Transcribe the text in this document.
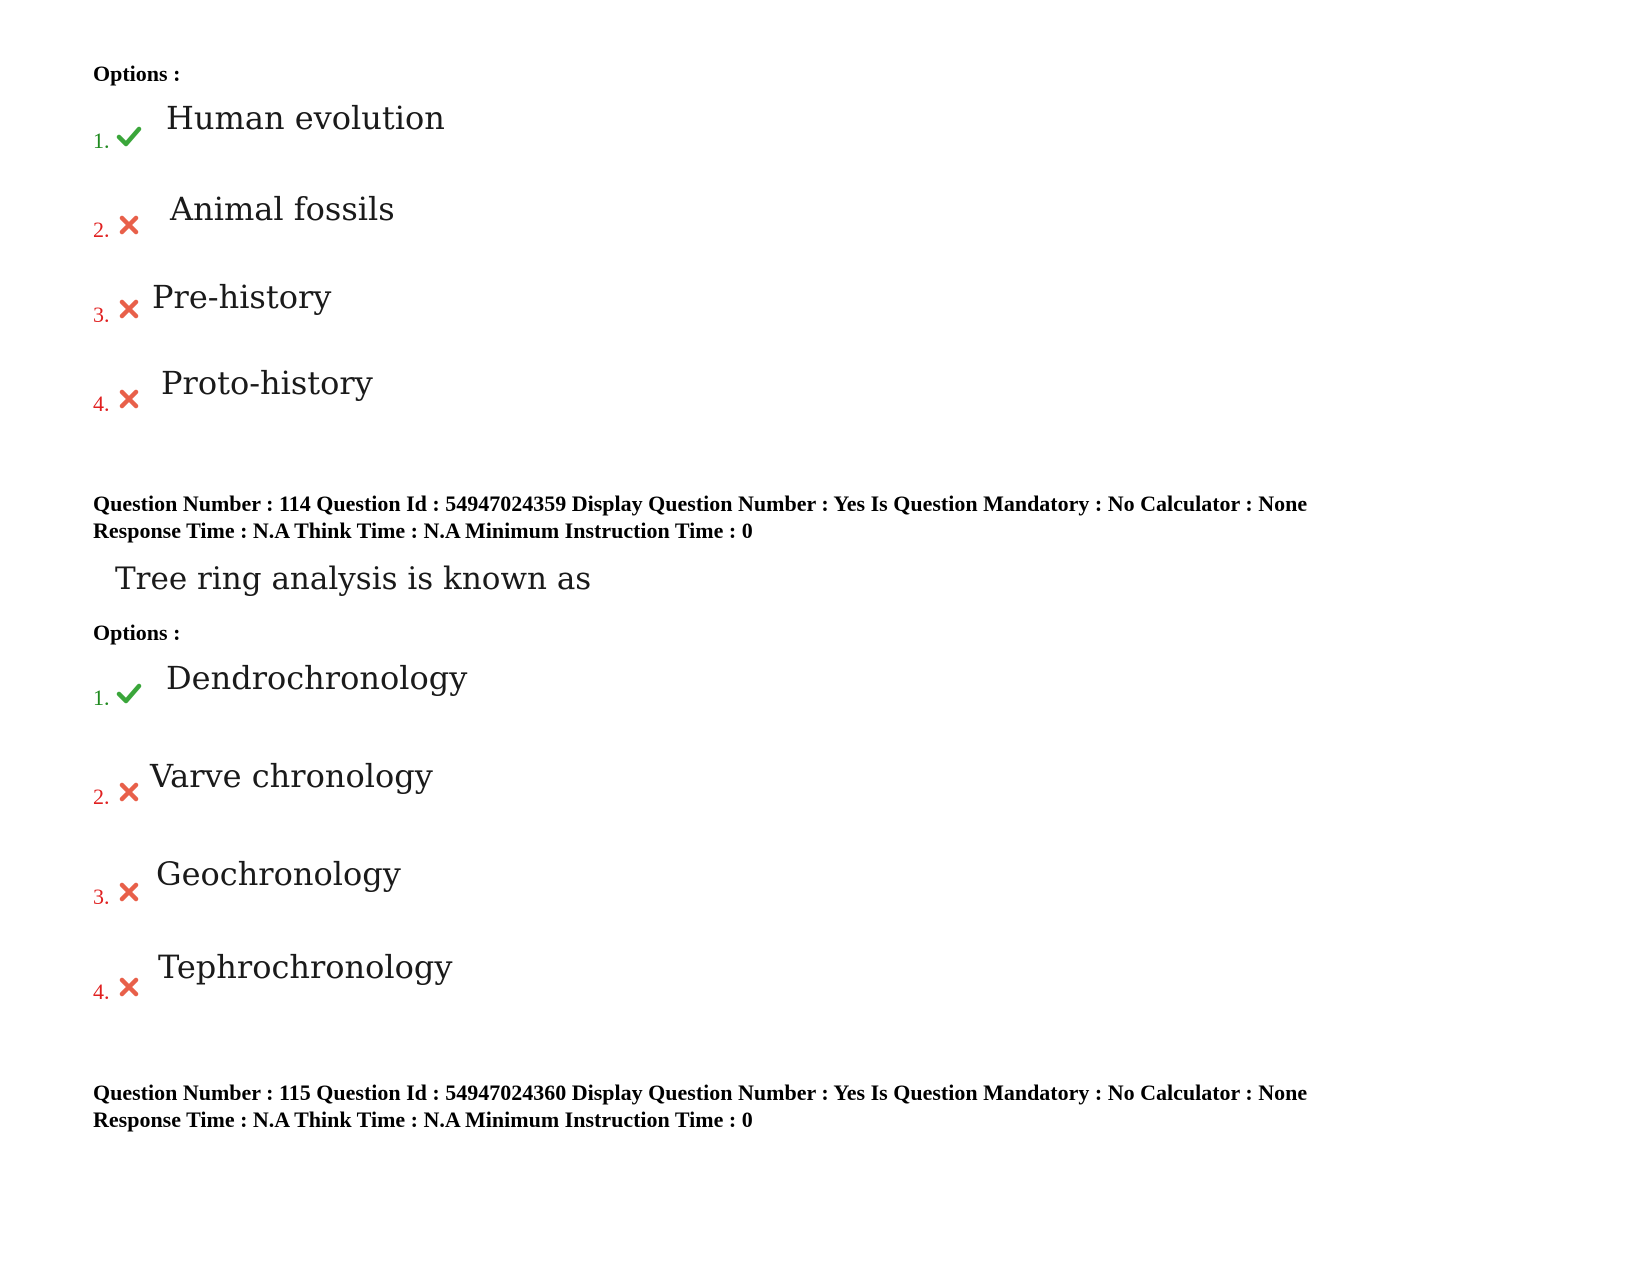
Options :
1.
Human evolution
2.
Animal fossils
3. Pre-history
4.
Proto-history
Question Number : 114 Question Id : 54947024359 Display Question Number : Yes Is Question Mandatory : No Calculator : None
Response Time : N.A Think Time : N.A Minimum Instruction Time : 0
Tree ring analysis is known as
Options :
1.
Dendrochronology
2.
Varve chronology
3.
Geochronology
4.
Tephrochronology
Question Number : 115 Question Id : 54947024360 Display Question Number : Yes Is Question Mandatory : No Calculator : None
Response Time : N.A Think Time : N.A Minimum Instruction Time : 0
